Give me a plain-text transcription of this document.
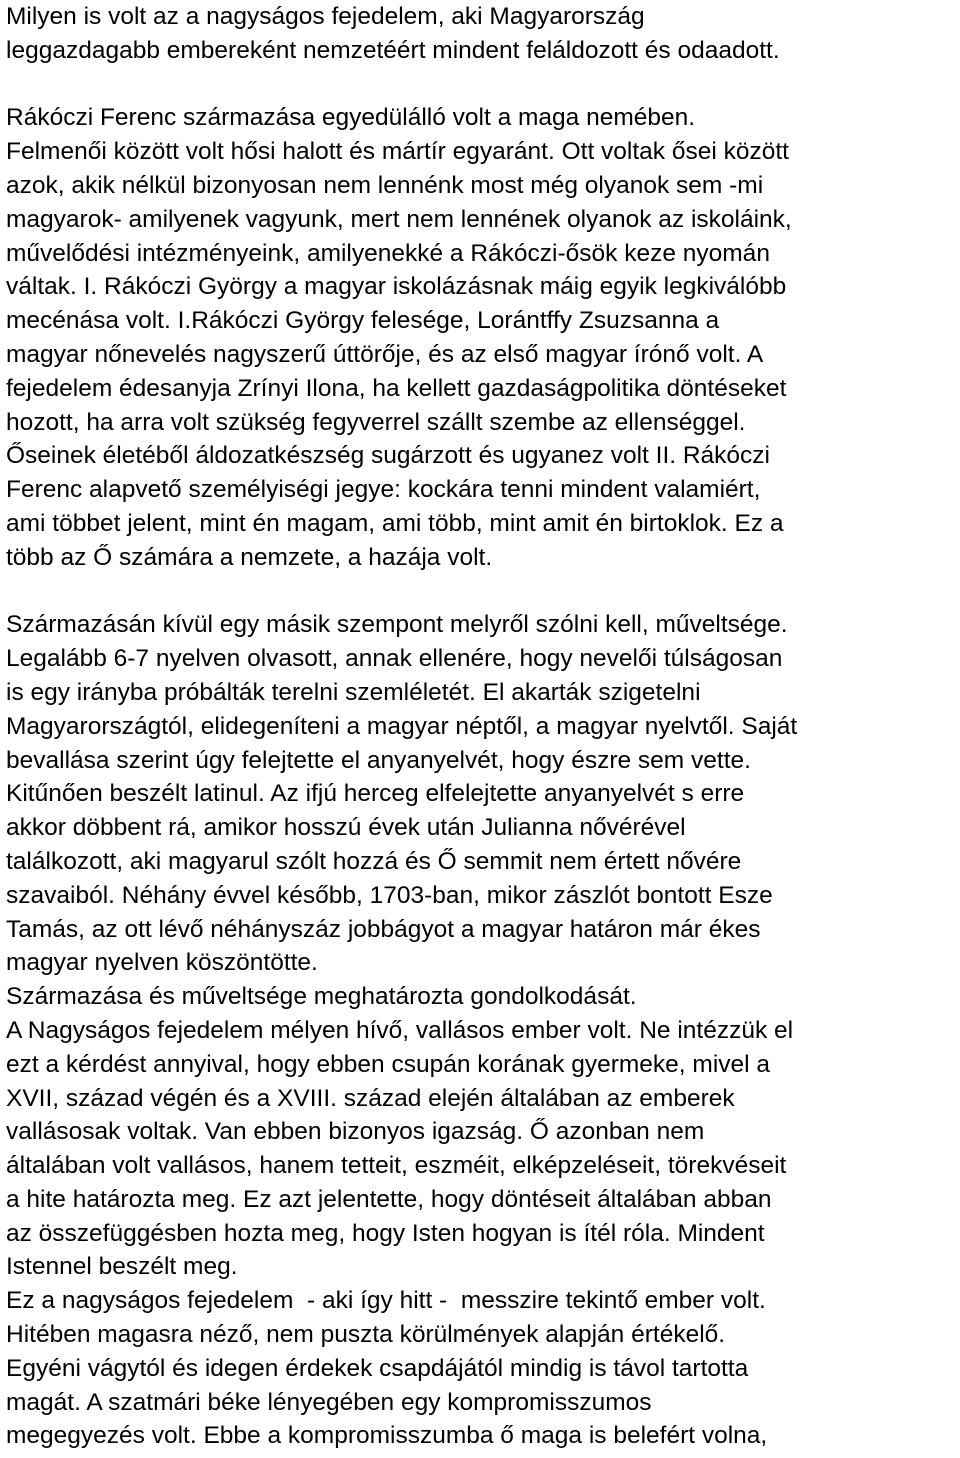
Milyen is volt az a nagyságos fejedelem, aki Magyarország
leggazdagabb embereként nemzetéért mindent feláldozott és odaadott.
Rákóczi Ferenc származása egyedülálló volt a maga nemében.
Felmenői között volt hősi halott és mártír egyaránt. Ott voltak ősei között
azok, akik nélkül bizonyosan nem lennénk most még olyanok sem -mi
magyarok- amilyenek vagyunk, mert nem lennének olyanok az iskoláink,
művelődési intézményeink, amilyenekké a Rákóczi-ősök keze nyomán
váltak. I. Rákóczi György a magyar iskolázásnak máig egyik legkiválóbb
mecénása volt. I.Rákóczi György felesége, Lorántffy Zsuzsanna a
magyar nőnevelés nagyszerű úttörője, és az első magyar írónő volt. A
fejedelem édesanyja Zrínyi Ilona, ha kellett gazdaságpolitika döntéseket
hozott, ha arra volt szükség fegyverrel szállt szembe az ellenséggel.
Őseinek életéből áldozatkészség sugárzott és ugyanez volt II. Rákóczi
Ferenc alapvető személyiségi jegye: kockára tenni mindent valamiért,
ami többet jelent, mint én magam, ami több, mint amit én birtoklok. Ez a
több az Ő számára a nemzete, a hazája volt.
Származásán kívül egy másik szempont melyről szólni kell, műveltsége.
Legalább 6-7 nyelven olvasott, annak ellenére, hogy nevelői túlságosan
is egy irányba próbálták terelni szemléletét. El akarták szigetelni
Magyarországtól, elidegeníteni a magyar néptől, a magyar nyelvtől. Saját
bevallása szerint úgy felejtette el anyanyelvét, hogy észre sem vette.
Kitűnően beszélt latinul. Az ifjú herceg elfelejtette anyanyelvét s erre
akkor döbbent rá, amikor hosszú évek után Julianna nővérével
találkozott, aki magyarul szólt hozzá és Ő semmit nem értett nővére
szavaiból. Néhány évvel később, 1703-ban, mikor zászlót bontott Esze
Tamás, az ott lévő néhányszáz jobbágyot a magyar határon már ékes
magyar nyelven köszöntötte.
Származása és műveltsége meghatározta gondolkodását.
A Nagyságos fejedelem mélyen hívő, vallásos ember volt. Ne intézzük el
ezt a kérdést annyival, hogy ebben csupán korának gyermeke, mivel a
XVII, század végén és a XVIII. század elején általában az emberek
vallásosak voltak. Van ebben bizonyos igazság. Ő azonban nem
általában volt vallásos, hanem tetteit, eszméit, elképzeléseit, törekvéseit
a hite határozta meg. Ez azt jelentette, hogy döntéseit általában abban
az összefüggésben hozta meg, hogy Isten hogyan is ítél róla. Mindent
Istennel beszélt meg.
Ez a nagyságos fejedelem  - aki így hitt -  messzire tekintő ember volt.
Hitében magasra néző, nem puszta körülmények alapján értékelő.
Egyéni vágytól és idegen érdekek csapdájától mindig is távol tartotta
magát. A szatmári béke lényegében egy kompromisszumos
megegyezés volt. Ebbe a kompromisszumba ő maga is belefért volna,
